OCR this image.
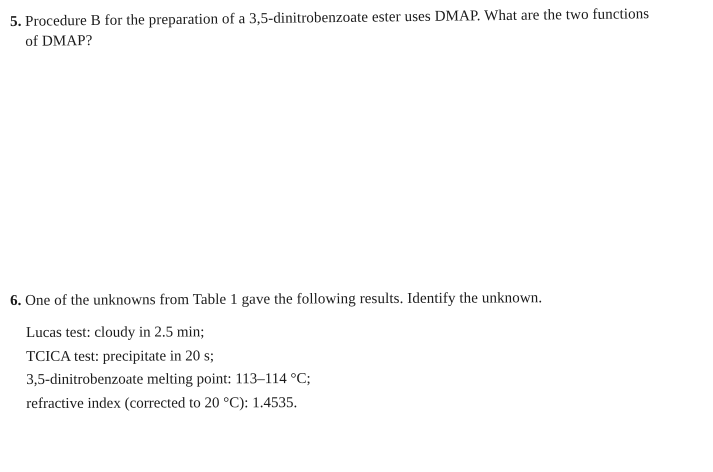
5. Procedure B for the preparation of a 3,5-dinitrobenzoate ester uses DMAP. What are the two functions
of DMAP?
6. One of the unknowns from Table 1 gave the following results. Identify the unknown.
Lucas test: cloudy in 2.5 min;
TCICA test: precipitate in 20 s;
3,5-dinitrobenzoate melting point: 113–114 °C;
refractive index (corrected to 20 °C): 1.4535.
